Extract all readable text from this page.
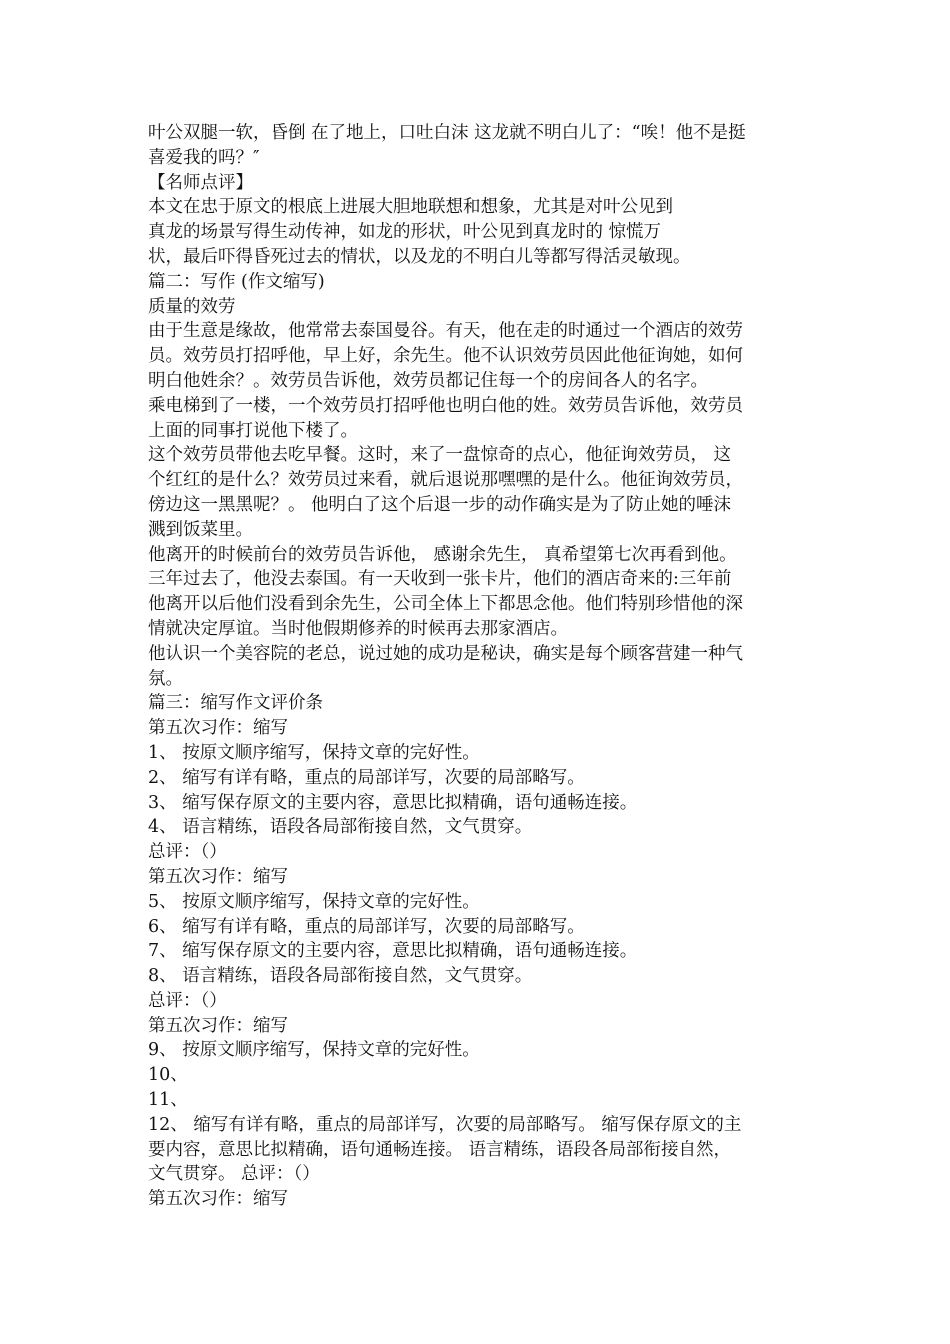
叶公双腿一软，昏倒 在了地上，口吐白沫 这龙就不明白儿了：“唉！他不是挺
喜爱我的吗？″
【名师点评】
本文在忠于原文的根底上进展大胆地联想和想象，尤其是对叶公见到
真龙的场景写得生动传神，如龙的形状，叶公见到真龙时的 惊慌万
状，最后吓得昏死过去的情状，以及龙的不明白儿等都写得活灵敏现。
篇二：写作 (作文缩写)
质量的效劳
由于生意是缘故，他常常去泰国曼谷。有天，他在走的时通过一个酒店的效劳
员。效劳员打招呼他，早上好，余先生。他不认识效劳员因此他征询她，如何
明白他姓余？。效劳员告诉他，效劳员都记住每一个的房间各人的名字。
乘电梯到了一楼，一个效劳员打招呼他也明白他的姓。效劳员告诉他，效劳员
上面的同事打说他下楼了。
这个效劳员带他去吃早餐。这时，来了一盘惊奇的点心，他征询效劳员， 这
个红红的是什么？效劳员过来看，就后退说那嘿嘿的是什么。他征询效劳员，
傍边这一黑黑呢？。 他明白了这个后退一步的动作确实是为了防止她的唾沫
溅到饭菜里。
他离开的时候前台的效劳员告诉他， 感谢余先生， 真希望第七次再看到他。
三年过去了，他没去泰国。有一天收到一张卡片，他们的酒店奇来的:三年前
他离开以后他们没看到余先生，公司全体上下都思念他。他们特别珍惜他的深
情就决定厚谊。当时他假期修养的时候再去那家酒店。
他认识一个美容院的老总，说过她的成功是秘诀，确实是每个顾客营建一种气
氛。
篇三：缩写作文评价条
第五次习作：缩写
1、 按原文顺序缩写，保持文章的完好性。
2、 缩写有详有略，重点的局部详写，次要的局部略写。
3、 缩写保存原文的主要内容，意思比拟精确，语句通畅连接。
4、 语言精练，语段各局部衔接自然，文气贯穿。
总评：（）
第五次习作：缩写
5、 按原文顺序缩写，保持文章的完好性。
6、 缩写有详有略，重点的局部详写，次要的局部略写。
7、 缩写保存原文的主要内容，意思比拟精确，语句通畅连接。
8、 语言精练，语段各局部衔接自然，文气贯穿。
总评：（）
第五次习作：缩写
9、 按原文顺序缩写，保持文章的完好性。
10、
11、
12、 缩写有详有略，重点的局部详写，次要的局部略写。 缩写保存原文的主
要内容，意思比拟精确，语句通畅连接。 语言精练，语段各局部衔接自然，
文气贯穿。 总评：（）
第五次习作：缩写
